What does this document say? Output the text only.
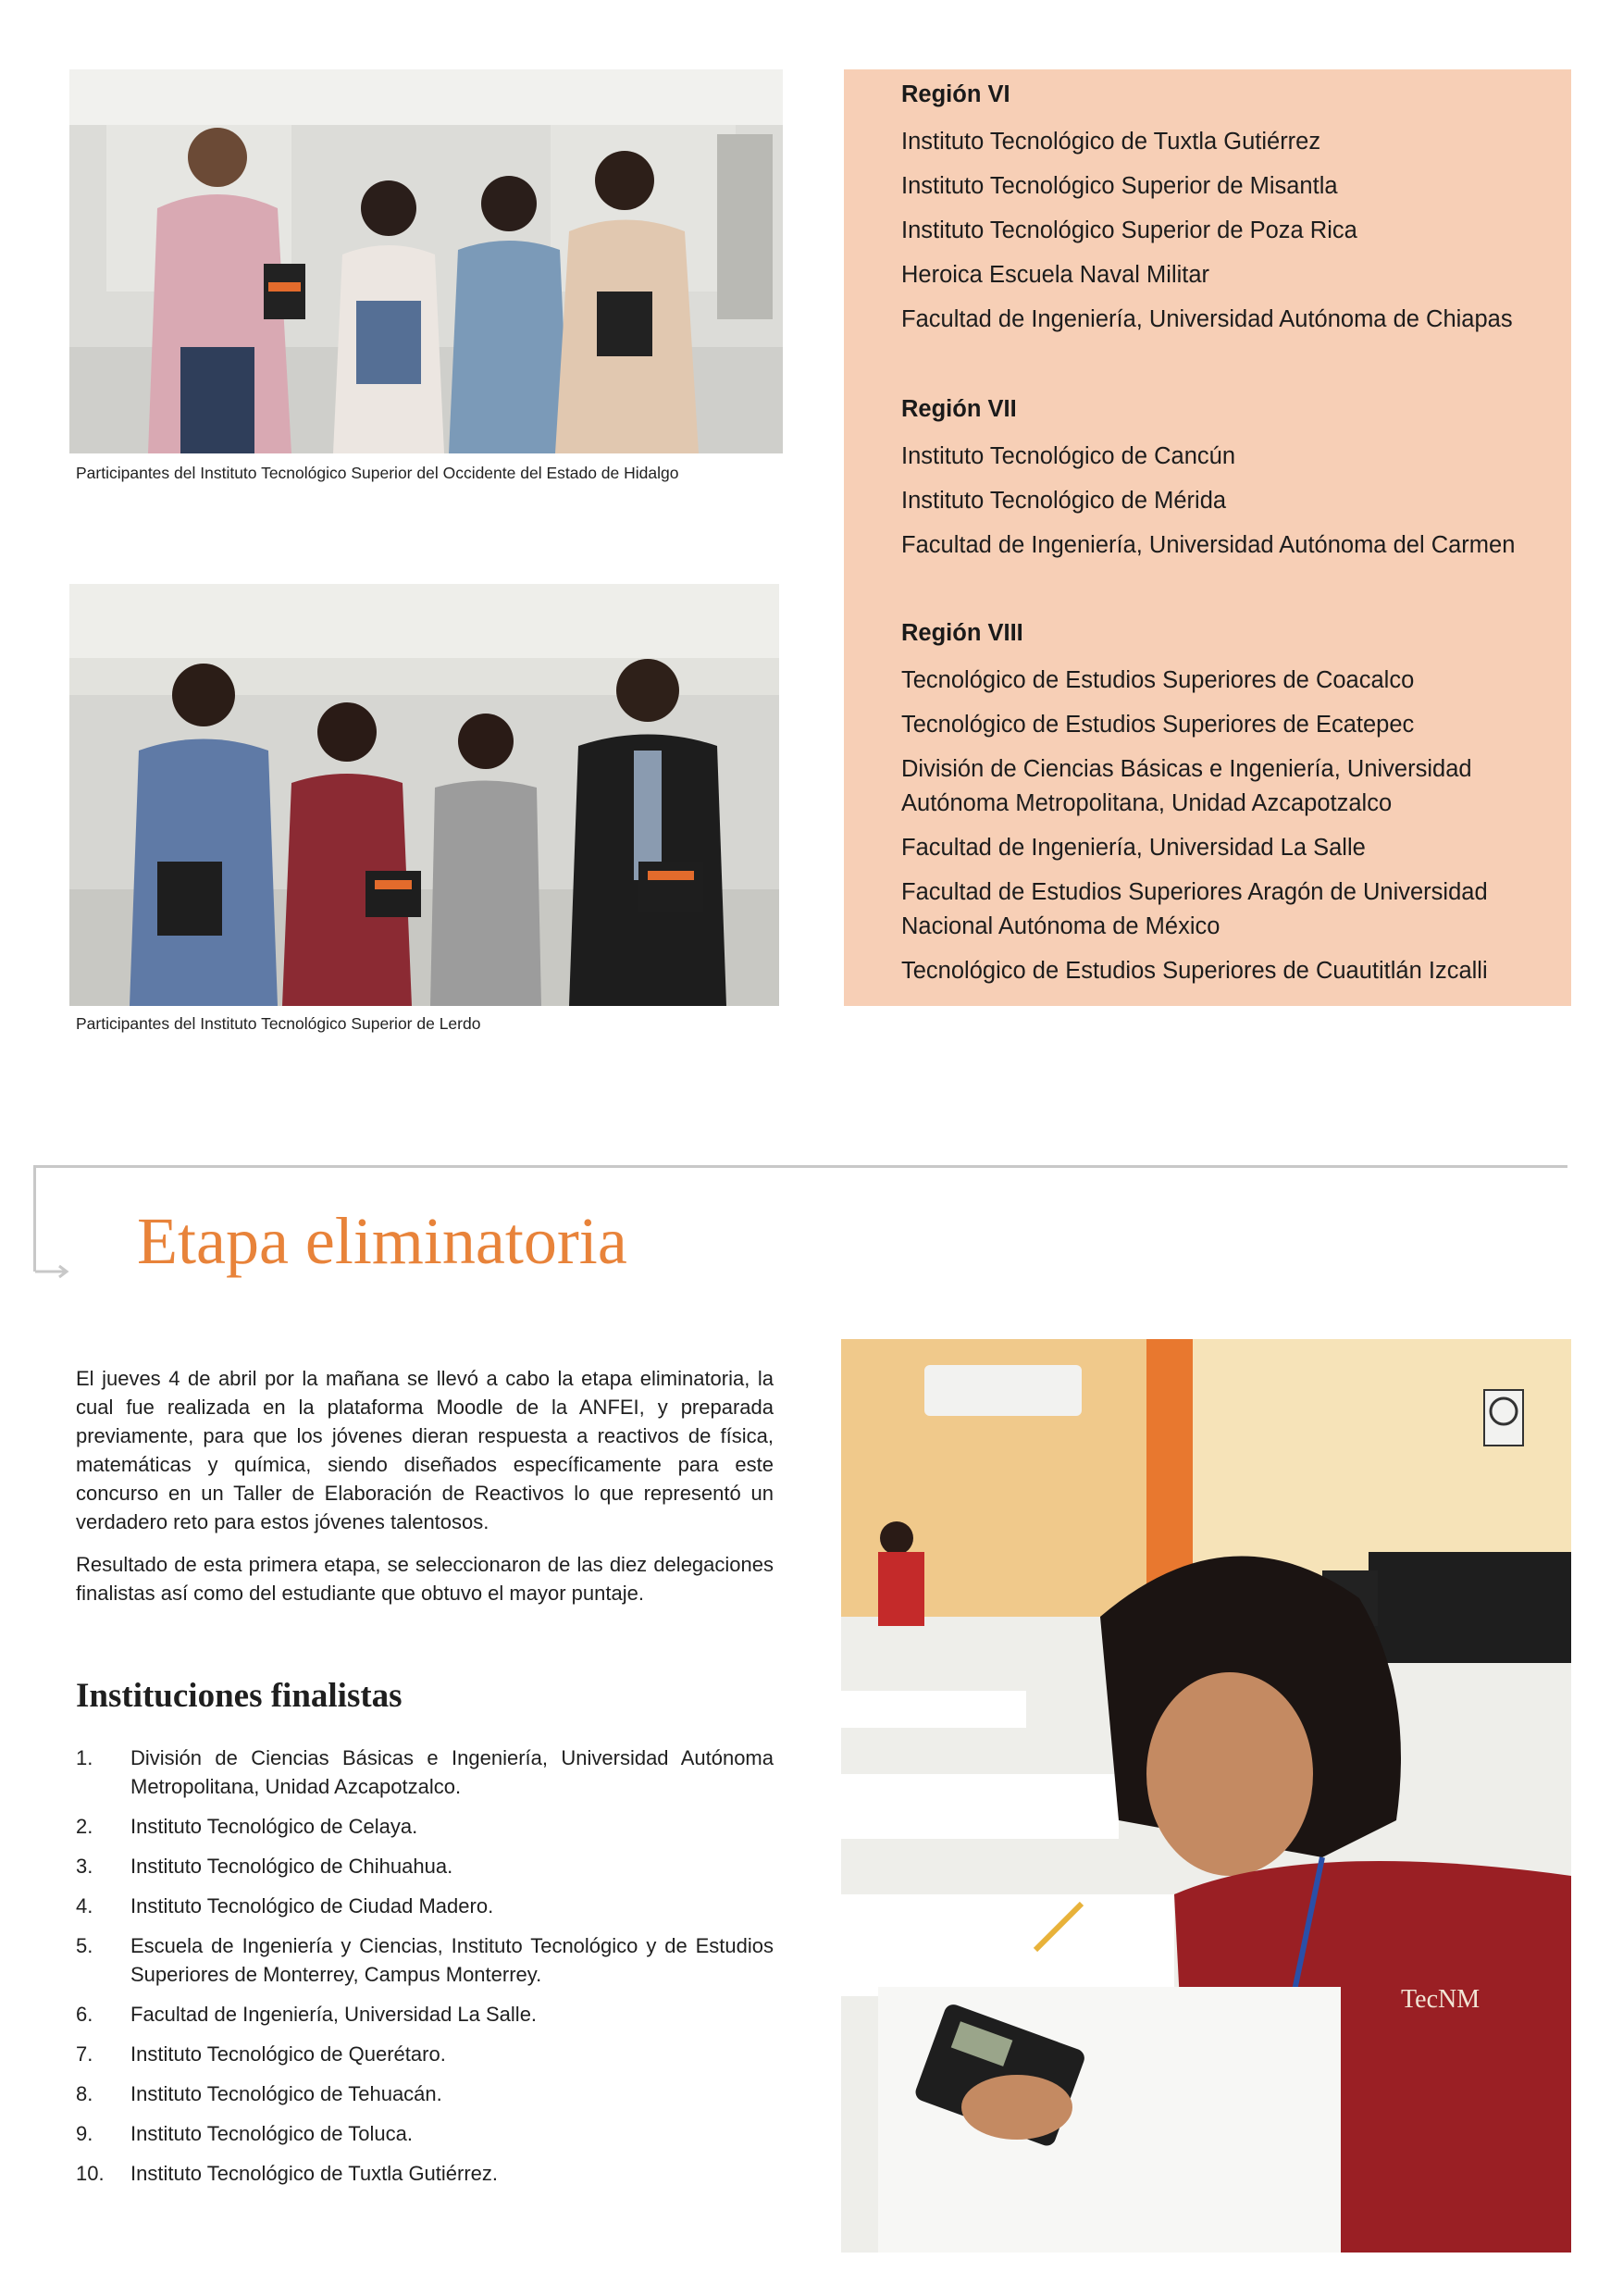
Participantes del Instituto Tecnológico Superior del Occidente del Estado de Hidalgo
Participantes del Instituto Tecnológico Superior de Lerdo
Región VI
Instituto Tecnológico de Tuxtla Gutiérrez
Instituto Tecnológico Superior de Misantla
Instituto Tecnológico Superior de Poza Rica
Heroica Escuela Naval Militar
Facultad de Ingeniería, Universidad Autónoma de Chiapas
Región VII
Instituto Tecnológico de Cancún
Instituto Tecnológico de Mérida
Facultad de Ingeniería, Universidad Autónoma del Carmen
Región VIII
Tecnológico de Estudios Superiores de Coacalco
Tecnológico de Estudios Superiores de Ecatepec
División de Ciencias Básicas e Ingeniería, Universidad Autónoma Metropolitana, Unidad Azcapotzalco
Facultad de Ingeniería, Universidad La Salle
Facultad de Estudios Superiores Aragón de Universidad Nacional Autónoma de México
Tecnológico de Estudios Superiores de Cuautitlán Izcalli
Etapa eliminatoria

El jueves 4 de abril por la mañana se llevó a cabo la etapa eliminatoria, la cual fue realizada en la plataforma Moodle de la ANFEI, y preparada previamente, para que los jóvenes dieran respuesta a reactivos de física, matemáticas y química, siendo diseñados específicamente para este concurso en un Taller de Elaboración de Reactivos lo que representó un verdadero reto para estos jóvenes talentosos.

Resultado de esta primera etapa, se seleccionaron de las diez delegaciones finalistas así como del estudiante que obtuvo el mayor puntaje.

Instituciones finalistas
1. División de Ciencias Básicas e Ingeniería, Universidad Autónoma Metropolitana, Unidad Azcapotzalco.
2. Instituto Tecnológico de Celaya.
3. Instituto Tecnológico de Chihuahua.
4. Instituto Tecnológico de Ciudad Madero.
5. Escuela de Ingeniería y Ciencias, Instituto Tecnológico y de Estudios Superiores de Monterrey, Campus Monterrey.
6. Facultad de Ingeniería, Universidad La Salle.
7. Instituto Tecnológico de Querétaro.
8. Instituto Tecnológico de Tehuacán.
9. Instituto Tecnológico de Toluca.
10. Instituto Tecnológico de Tuxtla Gutiérrez.
TecNM
